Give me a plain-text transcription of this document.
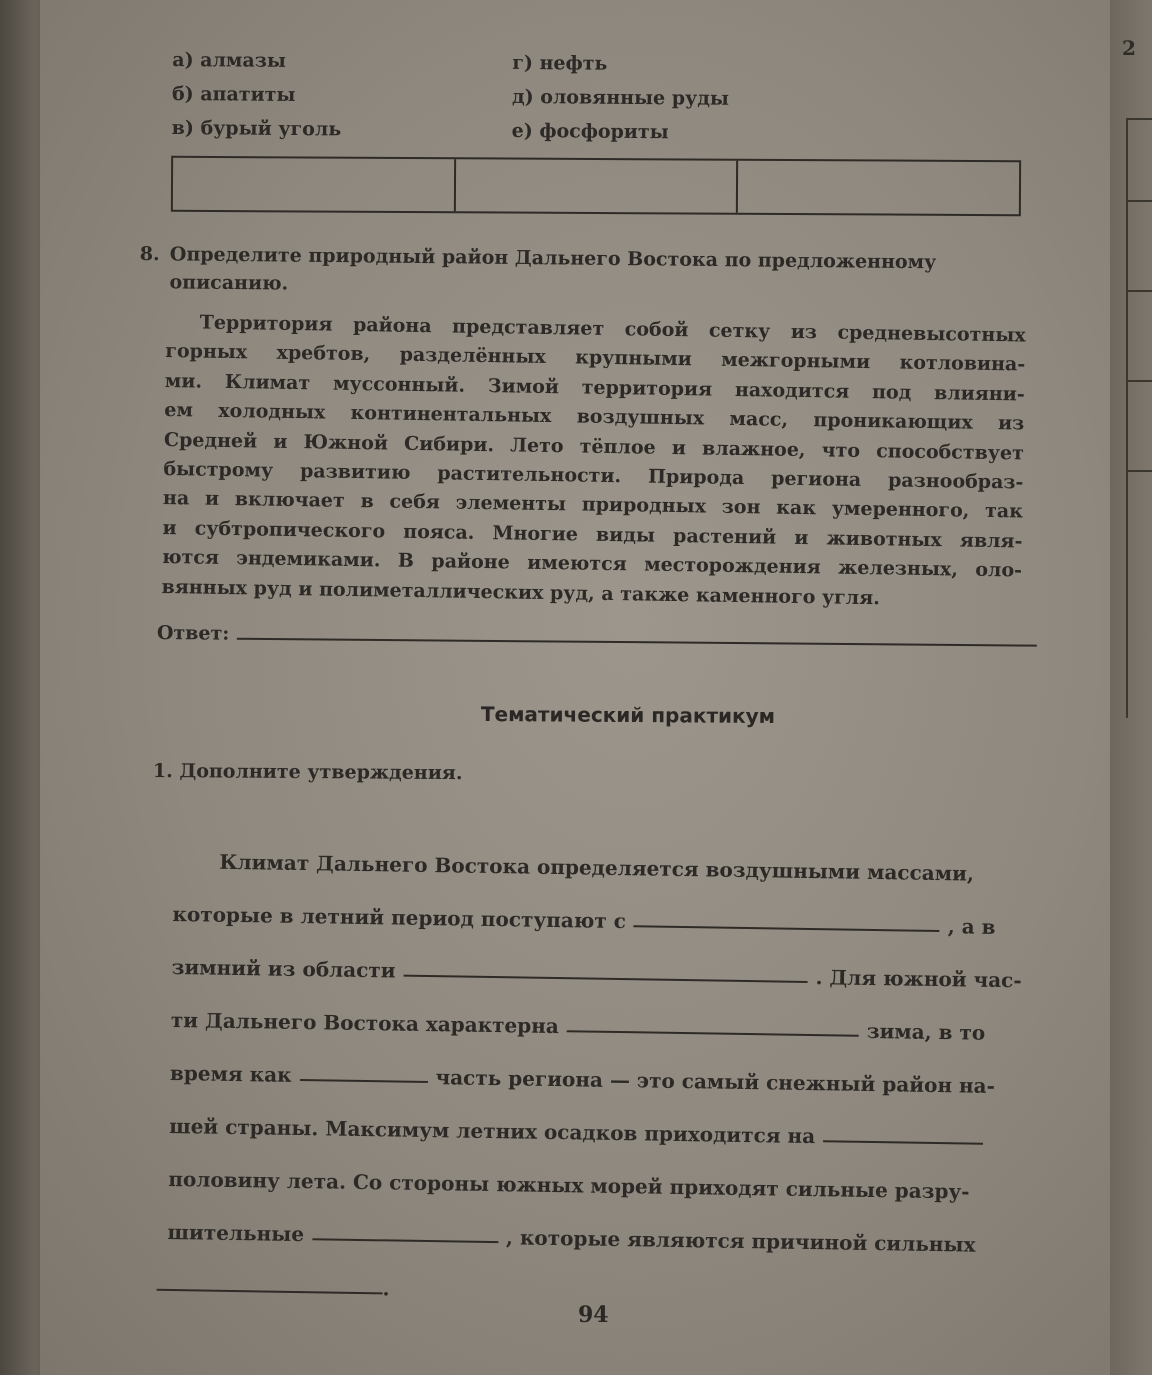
а) алмазы	г) нефть
б) апатиты	д) оловянные руды
в) бурый уголь	е) фосфориты
8. Определите природный район Дальнего Востока по предложенному
описанию.
Территория района представляет собой сетку из средневысотных
горных хребтов, разделённых крупными межгорными котловина-
ми. Климат муссонный. Зимой территория находится под влияни-
ем холодных континентальных воздушных масс, проникающих из
Средней и Южной Сибири. Лето тёплое и влажное, что способствует
быстрому развитию растительности. Природа региона разнообраз-
на и включает в себя элементы природных зон как умеренного, так
и субтропического пояса. Многие виды растений и животных явля-
ются эндемиками. В районе имеются месторождения железных, оло-
вянных руд и полиметаллических руд, а также каменного угля.
Ответ:
Тематический практикум
1. Дополните утверждения.
Климат Дальнего Востока определяется воздушными массами,
которые в летний период поступают с	, а в
зимний из области	. Для южной час-
ти Дальнего Востока характерна	зима, в то
время как	часть региона — это самый снежный район на-
шей страны. Максимум летних осадков приходится на
половину лета. Со стороны южных морей приходят сильные разру-
шительные	, которые являются причиной сильных
.
94
2
